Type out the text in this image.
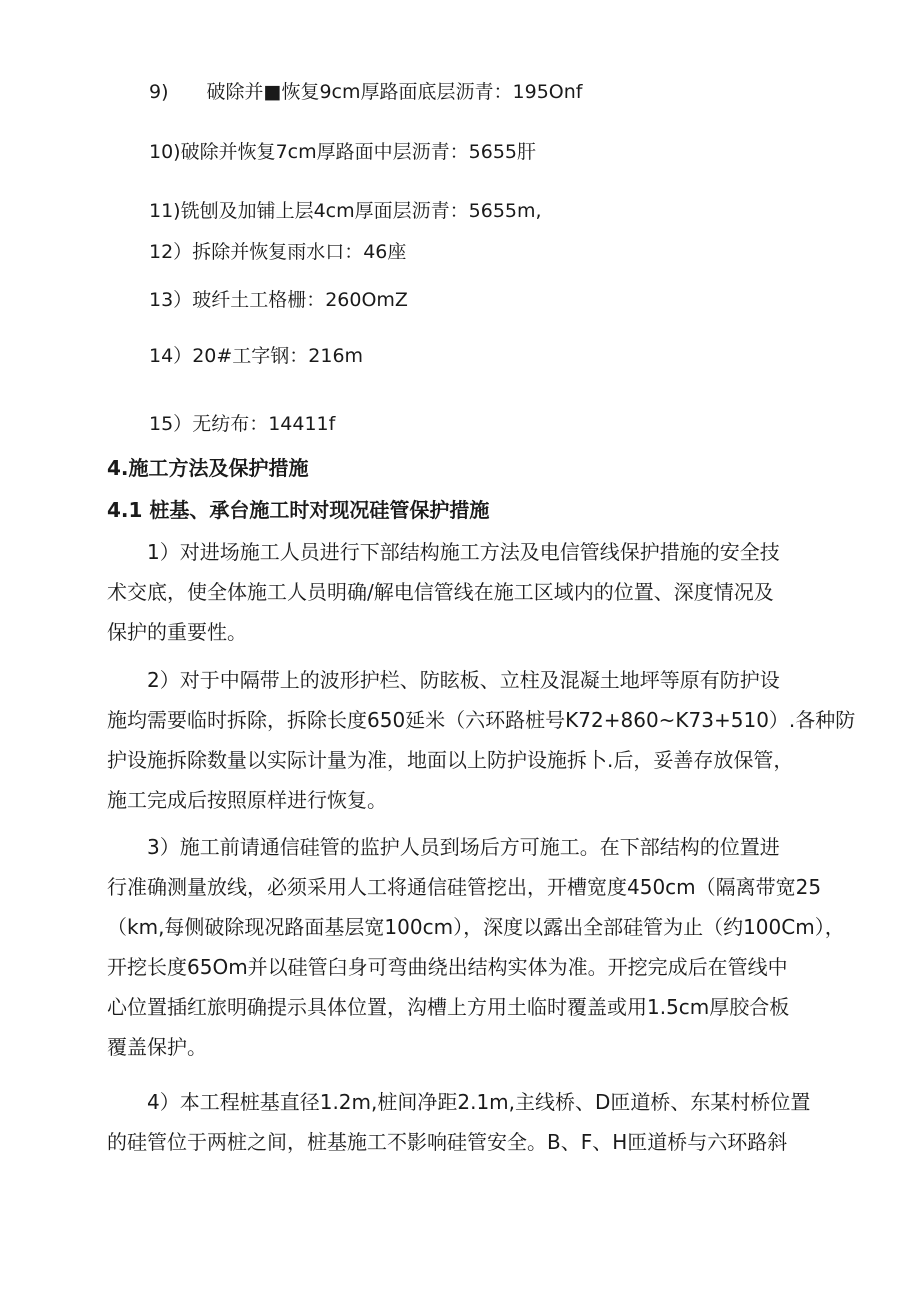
9) 破除并■恢复9cm厚路面底层沥青：195Onf
10)破除并恢复7cm厚路面中层沥青：5655肝
11)铣刨及加铺上层4cm厚面层沥青：5655m,
12）拆除并恢复雨水口：46座
13）玻纤土工格栅：260OmZ
14）20#工字钢：216m
15）无纺布：14411f
4.施工方法及保护措施
4.1 桩基、承台施工时对现况硅管保护措施
1）对进场施工人员进行下部结构施工方法及电信管线保护措施的安全技
术交底，使全体施工人员明确/解电信管线在施工区域内的位置、深度情况及
保护的重要性。
2）对于中隔带上的波形护栏、防眩板、立柱及混凝土地坪等原有防护设
施均需要临时拆除，拆除长度650延米（六环路桩号K72+860~K73+510）.各种防
护设施拆除数量以实际计量为准，地面以上防护设施拆卜.后，妥善存放保管，
施工完成后按照原样进行恢复。
3）施工前请通信硅管的监护人员到场后方可施工。在下部结构的位置进
行准确测量放线，必须采用人工将通信硅管挖出，开槽宽度450cm（隔离带宽25
（km,每侧破除现况路面基层宽100cm），深度以露出全部硅管为止（约100Cm），
开挖长度65Om并以硅管臼身可弯曲绕出结构实体为准。开挖完成后在管线中
心位置插红旅明确提示具体位置，沟槽上方用土临时覆盖或用1.5cm厚胶合板
覆盖保护。
4）本工程桩基直径1.2m,桩间净距2.1m,主线桥、D匝道桥、东某村桥位置
的硅管位于两桩之间，桩基施工不影响硅管安全。B、F、H匝道桥与六环路斜
